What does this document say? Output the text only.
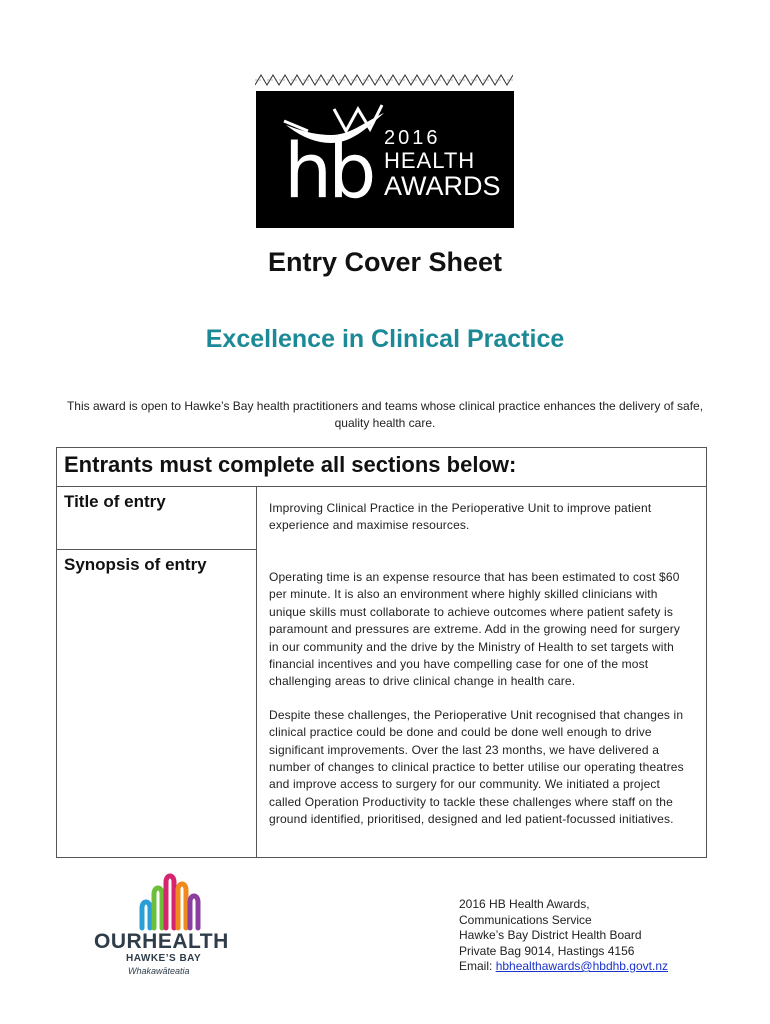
hb 2016
HEALTH
AWARDS
Entry Cover Sheet
Excellence in Clinical Practice
This award is open to Hawke’s Bay health practitioners and teams whose clinical practice enhances the delivery of safe, quality health care.
Entrants must complete all sections below:
Title of entry	Improving Clinical Practice in the Perioperative Unit to improve patient experience and maximise resources.
Synopsis of entry

Operating time is an expense resource that has been estimated to cost $60 per minute. It is also an environment where highly skilled clinicians with unique skills must collaborate to achieve outcomes where patient safety is paramount and pressures are extreme. Add in the growing need for surgery in our community and the drive by the Ministry of Health to set targets with financial incentives and you have compelling case for one of the most challenging areas to drive clinical change in health care.

Despite these challenges, the Perioperative Unit recognised that changes in clinical practice could be done and could be done well enough to drive significant improvements. Over the last 23 months, we have delivered a number of changes to clinical practice to better utilise our operating theatres and improve access to surgery for our community. We initiated a project called Operation Productivity to tackle these challenges where staff on the ground identified, prioritised, designed and led patient-focussed initiatives.

OURHEALTH
HAWKE’S BAY
Whakawāteatia
2016 HB Health Awards,
Communications Service
Hawke’s Bay District Health Board
Private Bag 9014, Hastings 4156
Email: hbhealthawards@hbdhb.govt.nz
